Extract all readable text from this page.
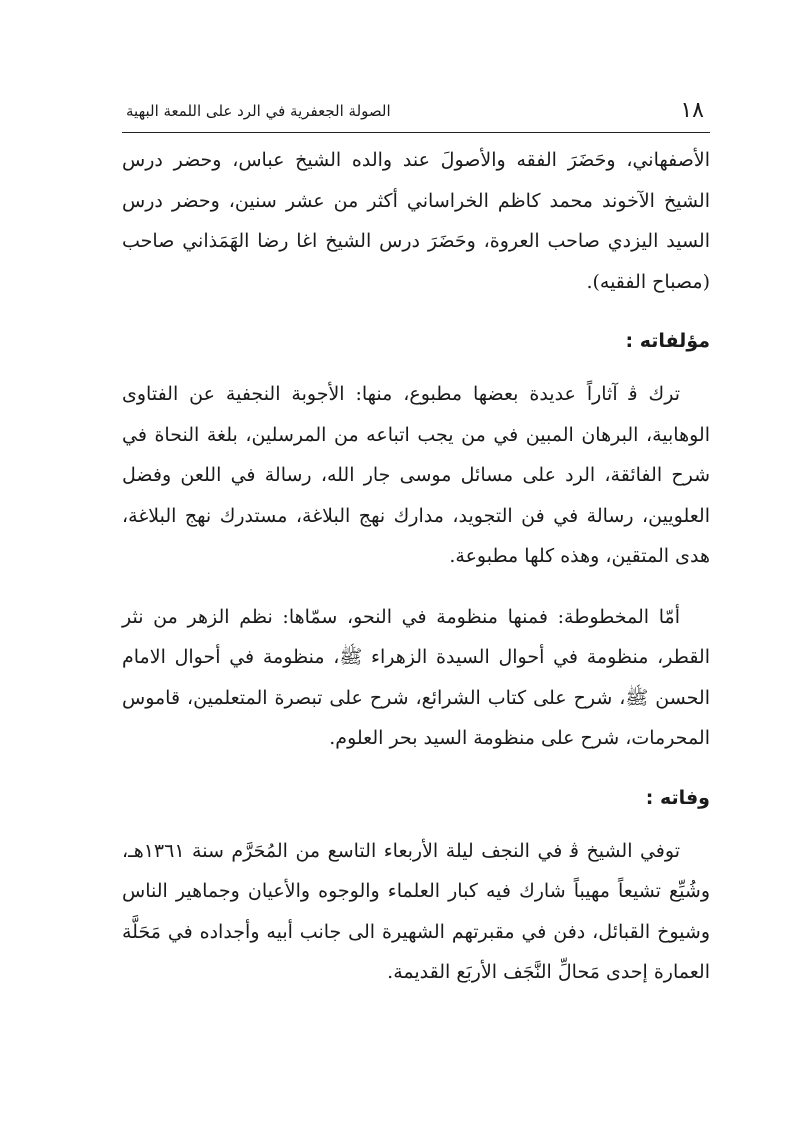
١٨
الصولة الجعفرية في الرد على اللمعة البهية

الأصفهاني، وحَضَرَ الفقه والأصولَ عند والده الشيخ عباس، وحضر درس الشيخ الآخوند محمد كاظم الخراساني أكثر من عشر سنين، وحضر درس السيد اليزدي صاحب العروة، وحَضَرَ درس الشيخ اغا رضا الهَمَذاني صاحب (مصباح الفقيه).

مؤلفاته :

ترك ﭬ آثاراً عديدة بعضها مطبوع، منها: الأجوبة النجفية عن الفتاوى الوهابية، البرهان المبين في من يجب اتباعه من المرسلين، بلغة النحاة في شرح الفائقة، الرد على مسائل موسى جار الله، رسالة في اللعن وفضل العلويين، رسالة في فن التجويد، مدارك نهج البلاغة، مستدرك نهج البلاغة، هدى المتقين، وهذه كلها مطبوعة.

أمّا المخطوطة: فمنها منظومة في النحو، سمّاها: نظم الزهر من نثر القطر، منظومة في أحوال السيدة الزهراء ﷺ، منظومة في أحوال الامام الحسن ﷺ، شرح على كتاب الشرائع، شرح على تبصرة المتعلمين، قاموس المحرمات، شرح على منظومة السيد بحر العلوم.

وفاته :

توفي الشيخ ﭬ في النجف ليلة الأربعاء التاسع من المُحَرَّم سنة ١٣٦١هـ، وشُيِّع تشيعاً مهيباً شارك فيه كبار العلماء والوجوه والأعيان وجماهير الناس وشيوخ القبائل، دفن في مقبرتهم الشهيرة الى جانب أبيه وأجداده في مَحَلَّة العمارة إحدى مَحالِّ النَّجَف الأربَع القديمة.
